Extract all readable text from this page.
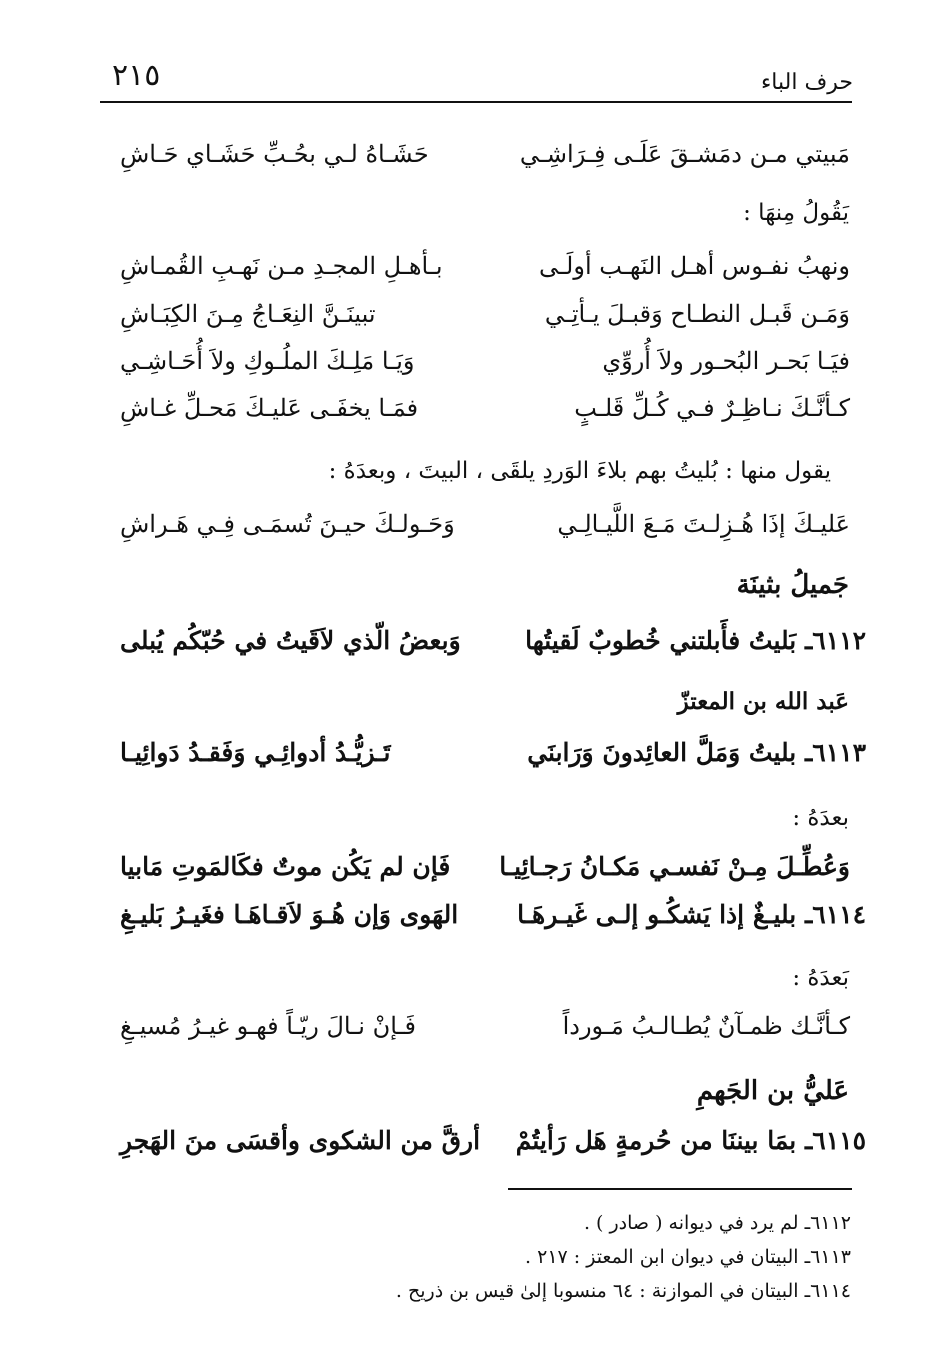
٢١٥	حرف الباء
مَبيتي مـن دمَشـقَ عَلَـى فِـرَاشِـي
حَشَـاهُ لـي بحُـبِّ حَشَـاي حَـاشِ
يَقُولُ مِنهَا :
ونهبُ نفـوس أهـل النَهـب أولَـى
بـأهـلِ المجـدِ مـن نَهـبِ القُمـاشِ
وَمَـن قَبـل النطـاح وَقبـلَ يـأتِـي
تبينَـنَّ النِعَـاجُ مِـنَ الكِبَـاشِ
فيَـا بَحـر البُحـور ولاَ أُروِّي
وَيَـا مَلِـكَ الملُـوكِ ولاَ أُحَـاشِـي
كـأنَّـكَ نـاظِـرٌ فـي كُـلِّ قَلـبٍ
فمَـا يخفَـى عَليـكَ مَحـلِّ غـاشِ
يقول منها : بُليتُ بهم بلاءَ الوَردِ يلقَى ، البيتَ ، وبعدَهُ :
عَليـكَ إذَا هُـزِلـتَ مَـعَ اللَّيـالِـي
وَحَـولـكَ حيـنَ تُسمَـى فِـي هَـراشِ
جَميلُ بثينَة
٦١١٢ـ بَليتُ فأَبلتني خُطوبٌ لَقيتُها
وَبعضُ الّذي لاَقَيتُ في حُبّكُم يُبلى
عَبد الله بن المعتزّ
٦١١٣ـ بليتُ وَمَلَّ العائِدونَ وَرَابنَي
تَـزيُّـدُ أدوائِـي وَفَقـدُ دَوائِيـا
بعدَهُ :
وَعُطِّـلَ مِـنْ نَفسـي مَكـانُ رَجـائِيـا
فَإن لم يَكُن موتٌ فكَالمَوتِ مَابيا
٦١١٤ـ بليـغٌ إذا يَشكُـو إلـى غَيـرهَـا
الهَوى وَإن هُـوَ لاَقـاهَـا فغَيـرُ بَليـغِ
بَعدَهُ :
كـأنَّـك ظمـآنٌ يُطـالـبُ مَـورداً
فَـإنْ نـالَ ريّـاً فهـو غيـرُ مُسيـغِ
عَليُّ بن الجَهمِ
٦١١٥ـ بمَا بيننَا من حُرمةٍ هَل رَأيتُمْ
أرقَّ من الشكوى وأقسَى منَ الهَجرِ
٦١١٢ـ لم يرد في ديوانه ( صادر ) .
٦١١٣ـ البيتان في ديوان ابن المعتز : ٢١٧ .
٦١١٤ـ البيتان في الموازنة : ٦٤ منسوبا إلىٰ قيس بن ذريح .
